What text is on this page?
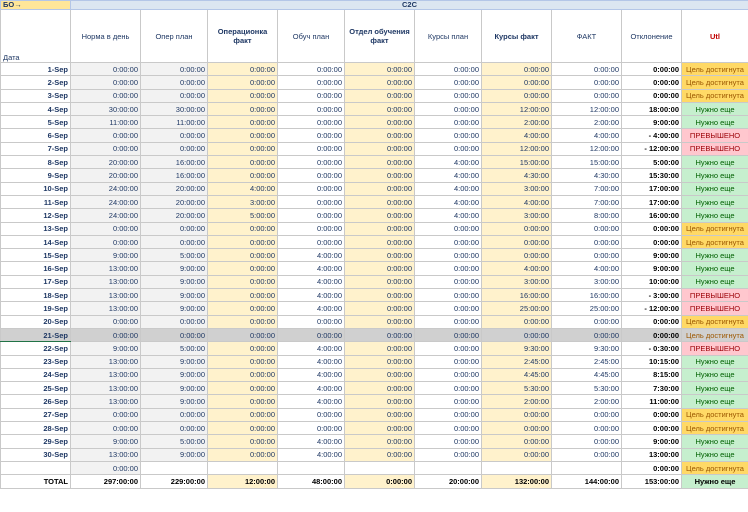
БО→	C2C									
Дата	Норма в день	Опер план	Операционка факт	Обуч план	Отдел обучения факт	Курсы план	Курсы факт	ФАКТ	Отклонение	Utl
1-Sep	0:00:00	0:00:00	0:00:00	0:00:00	0:00:00	0:00:00	0:00:00	0:00:00	0:00:00	Цель достигнута
2-Sep	0:00:00	0:00:00	0:00:00	0:00:00	0:00:00	0:00:00	0:00:00	0:00:00	0:00:00	Цель достигнута
3-Sep	0:00:00	0:00:00	0:00:00	0:00:00	0:00:00	0:00:00	0:00:00	0:00:00	0:00:00	Цель достигнута
4-Sep	30:00:00	30:00:00	0:00:00	0:00:00	0:00:00	0:00:00	12:00:00	12:00:00	18:00:00	Нужно еще
5-Sep	11:00:00	11:00:00	0:00:00	0:00:00	0:00:00	0:00:00	2:00:00	2:00:00	9:00:00	Нужно еще
6-Sep	0:00:00	0:00:00	0:00:00	0:00:00	0:00:00	0:00:00	4:00:00	4:00:00	- 4:00:00	ПРЕВЫШЕНО
7-Sep	0:00:00	0:00:00	0:00:00	0:00:00	0:00:00	0:00:00	12:00:00	12:00:00	- 12:00:00	ПРЕВЫШЕНО
8-Sep	20:00:00	16:00:00	0:00:00	0:00:00	0:00:00	4:00:00	15:00:00	15:00:00	5:00:00	Нужно еще
9-Sep	20:00:00	16:00:00	0:00:00	0:00:00	0:00:00	4:00:00	4:30:00	4:30:00	15:30:00	Нужно еще
10-Sep	24:00:00	20:00:00	4:00:00	0:00:00	0:00:00	4:00:00	3:00:00	7:00:00	17:00:00	Нужно еще
11-Sep	24:00:00	20:00:00	3:00:00	0:00:00	0:00:00	4:00:00	4:00:00	7:00:00	17:00:00	Нужно еще
12-Sep	24:00:00	20:00:00	5:00:00	0:00:00	0:00:00	4:00:00	3:00:00	8:00:00	16:00:00	Нужно еще
13-Sep	0:00:00	0:00:00	0:00:00	0:00:00	0:00:00	0:00:00	0:00:00	0:00:00	0:00:00	Цель достигнута
14-Sep	0:00:00	0:00:00	0:00:00	0:00:00	0:00:00	0:00:00	0:00:00	0:00:00	0:00:00	Цель достигнута
15-Sep	9:00:00	5:00:00	0:00:00	4:00:00	0:00:00	0:00:00	0:00:00	0:00:00	9:00:00	Нужно еще
16-Sep	13:00:00	9:00:00	0:00:00	4:00:00	0:00:00	0:00:00	4:00:00	4:00:00	9:00:00	Нужно еще
17-Sep	13:00:00	9:00:00	0:00:00	4:00:00	0:00:00	0:00:00	3:00:00	3:00:00	10:00:00	Нужно еще
18-Sep	13:00:00	9:00:00	0:00:00	4:00:00	0:00:00	0:00:00	16:00:00	16:00:00	- 3:00:00	ПРЕВЫШЕНО
19-Sep	13:00:00	9:00:00	0:00:00	4:00:00	0:00:00	0:00:00	25:00:00	25:00:00	- 12:00:00	ПРЕВЫШЕНО
20-Sep	0:00:00	0:00:00	0:00:00	0:00:00	0:00:00	0:00:00	0:00:00	0:00:00	0:00:00	Цель достигнута
21-Sep	0:00:00	0:00:00	0:00:00	0:00:00	0:00:00	0:00:00	0:00:00	0:00:00	0:00:00	Цель достигнута
22-Sep	9:00:00	5:00:00	0:00:00	4:00:00	0:00:00	0:00:00	9:30:00	9:30:00	- 0:30:00	ПРЕВЫШЕНО
23-Sep	13:00:00	9:00:00	0:00:00	4:00:00	0:00:00	0:00:00	2:45:00	2:45:00	10:15:00	Нужно еще
24-Sep	13:00:00	9:00:00	0:00:00	4:00:00	0:00:00	0:00:00	4:45:00	4:45:00	8:15:00	Нужно еще
25-Sep	13:00:00	9:00:00	0:00:00	4:00:00	0:00:00	0:00:00	5:30:00	5:30:00	7:30:00	Нужно еще
26-Sep	13:00:00	9:00:00	0:00:00	4:00:00	0:00:00	0:00:00	2:00:00	2:00:00	11:00:00	Нужно еще
27-Sep	0:00:00	0:00:00	0:00:00	0:00:00	0:00:00	0:00:00	0:00:00	0:00:00	0:00:00	Цель достигнута
28-Sep	0:00:00	0:00:00	0:00:00	0:00:00	0:00:00	0:00:00	0:00:00	0:00:00	0:00:00	Цель достигнута
29-Sep	9:00:00	5:00:00	0:00:00	4:00:00	0:00:00	0:00:00	0:00:00	0:00:00	9:00:00	Нужно еще
30-Sep	13:00:00	9:00:00	0:00:00	4:00:00	0:00:00	0:00:00	0:00:00	0:00:00	13:00:00	Нужно еще
	0:00:00								0:00:00	Цель достигнута
TOTAL	297:00:00	229:00:00	12:00:00	48:00:00	0:00:00	20:00:00	132:00:00	144:00:00	153:00:00	Нужно еще
